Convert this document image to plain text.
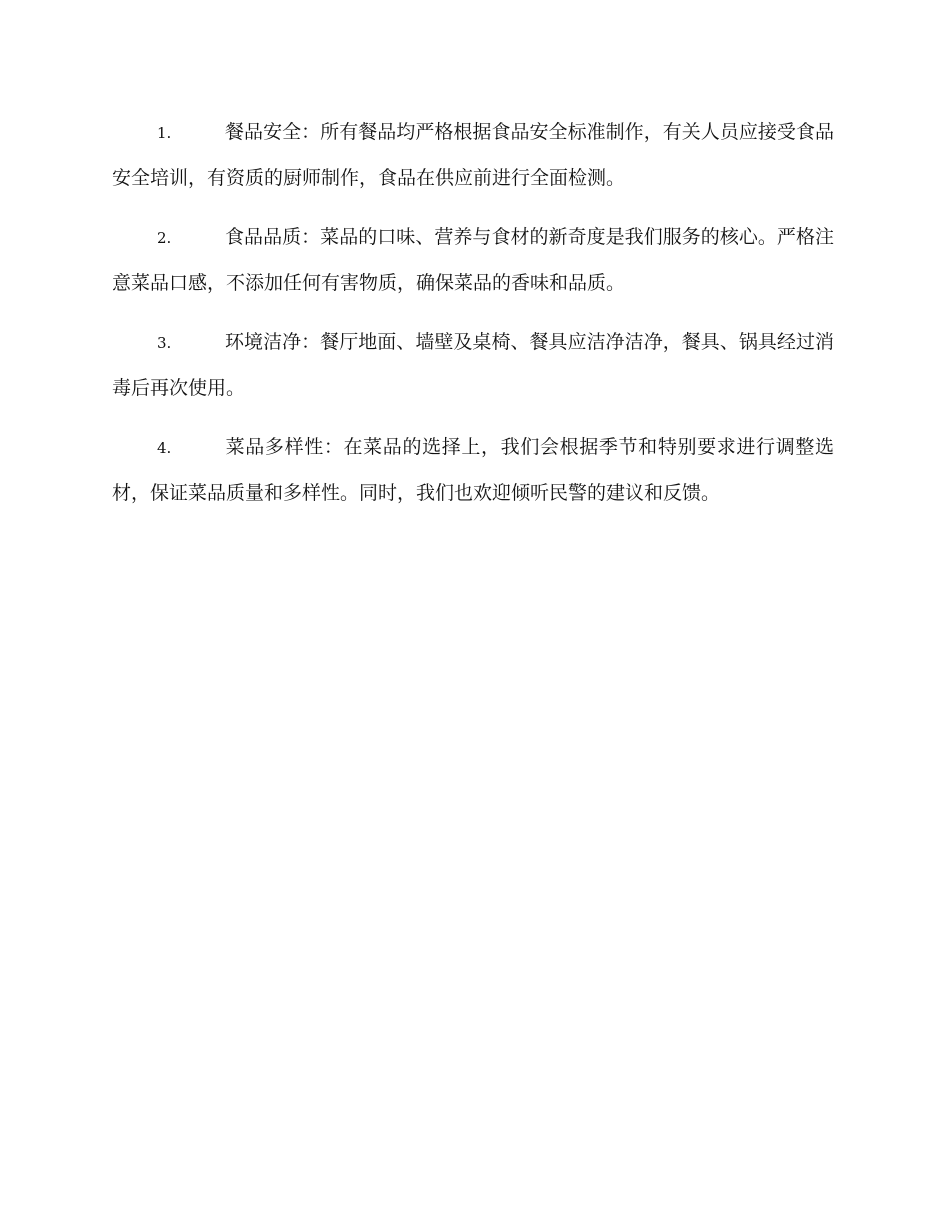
1.	餐品安全：所有餐品均严格根据食品安全标准制作，有关人员应接受食品安全培训，有资质的厨师制作，食品在供应前进行全面检测。

2.	食品品质：菜品的口味、营养与食材的新奇度是我们服务的核心。严格注意菜品口感，不添加任何有害物质，确保菜品的香味和品质。

3.	环境洁净：餐厅地面、墙壁及桌椅、餐具应洁净洁净，餐具、锅具经过消毒后再次使用。

4.	菜品多样性：在菜品的选择上，我们会根据季节和特别要求进行调整选材，保证菜品质量和多样性。同时，我们也欢迎倾听民警的建议和反馈。
